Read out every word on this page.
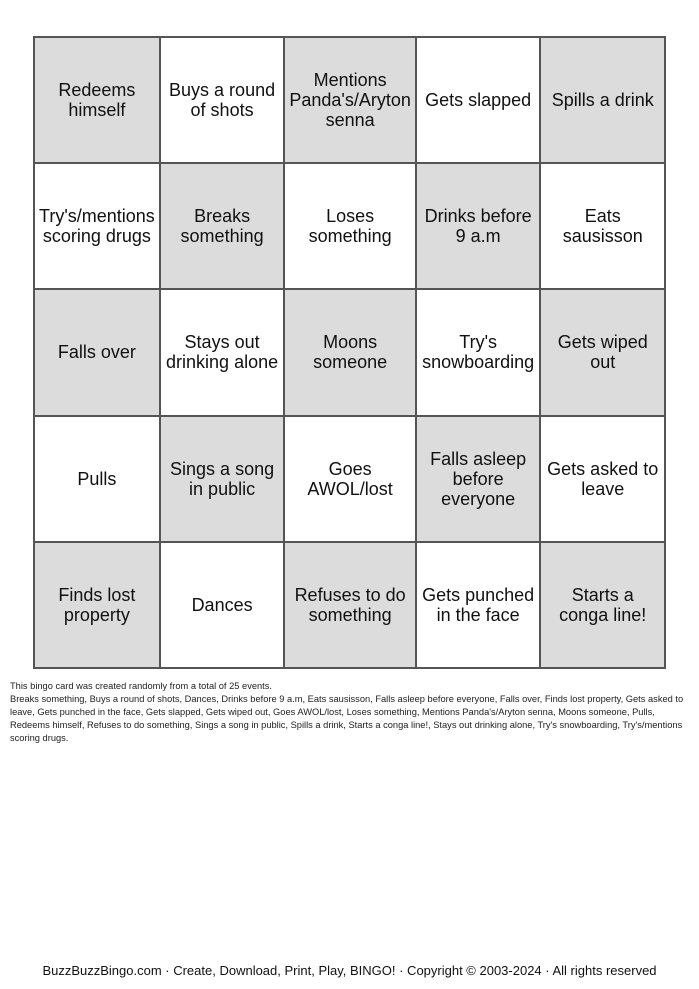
Redeems himself
Buys a round of shots
Mentions Panda's/Aryton senna
Gets slapped	Spills a drink
Try's/mentions scoring drugs
Breaks something
Loses something
Drinks before 9 a.m
Eats sausisson
Falls over	Stays out drinking alone
Moons someone
Try's snowboarding
Gets wiped out
Pulls	Sings a song in public
Goes AWOL/lost
Falls asleep before everyone
Gets asked to leave
Finds lost property	Dances	Refuses to do something
Gets punched in the face
Starts a conga line!
This bingo card was created randomly from a total of 25 events.
Breaks something, Buys a round of shots, Dances, Drinks before 9 a.m, Eats sausisson, Falls asleep before everyone, Falls over, Finds lost property, Gets asked to leave, Gets punched in the face, Gets slapped, Gets wiped out, Goes AWOL/lost, Loses something, Mentions Panda's/Aryton senna, Moons someone, Pulls, Redeems himself, Refuses to do something, Sings a song in public, Spills a drink, Starts a conga line!, Stays out drinking alone, Try's snowboarding, Try's/mentions scoring drugs.
BuzzBuzzBingo.com · Create, Download, Print, Play, BINGO! · Copyright © 2003-2024 · All rights reserved
